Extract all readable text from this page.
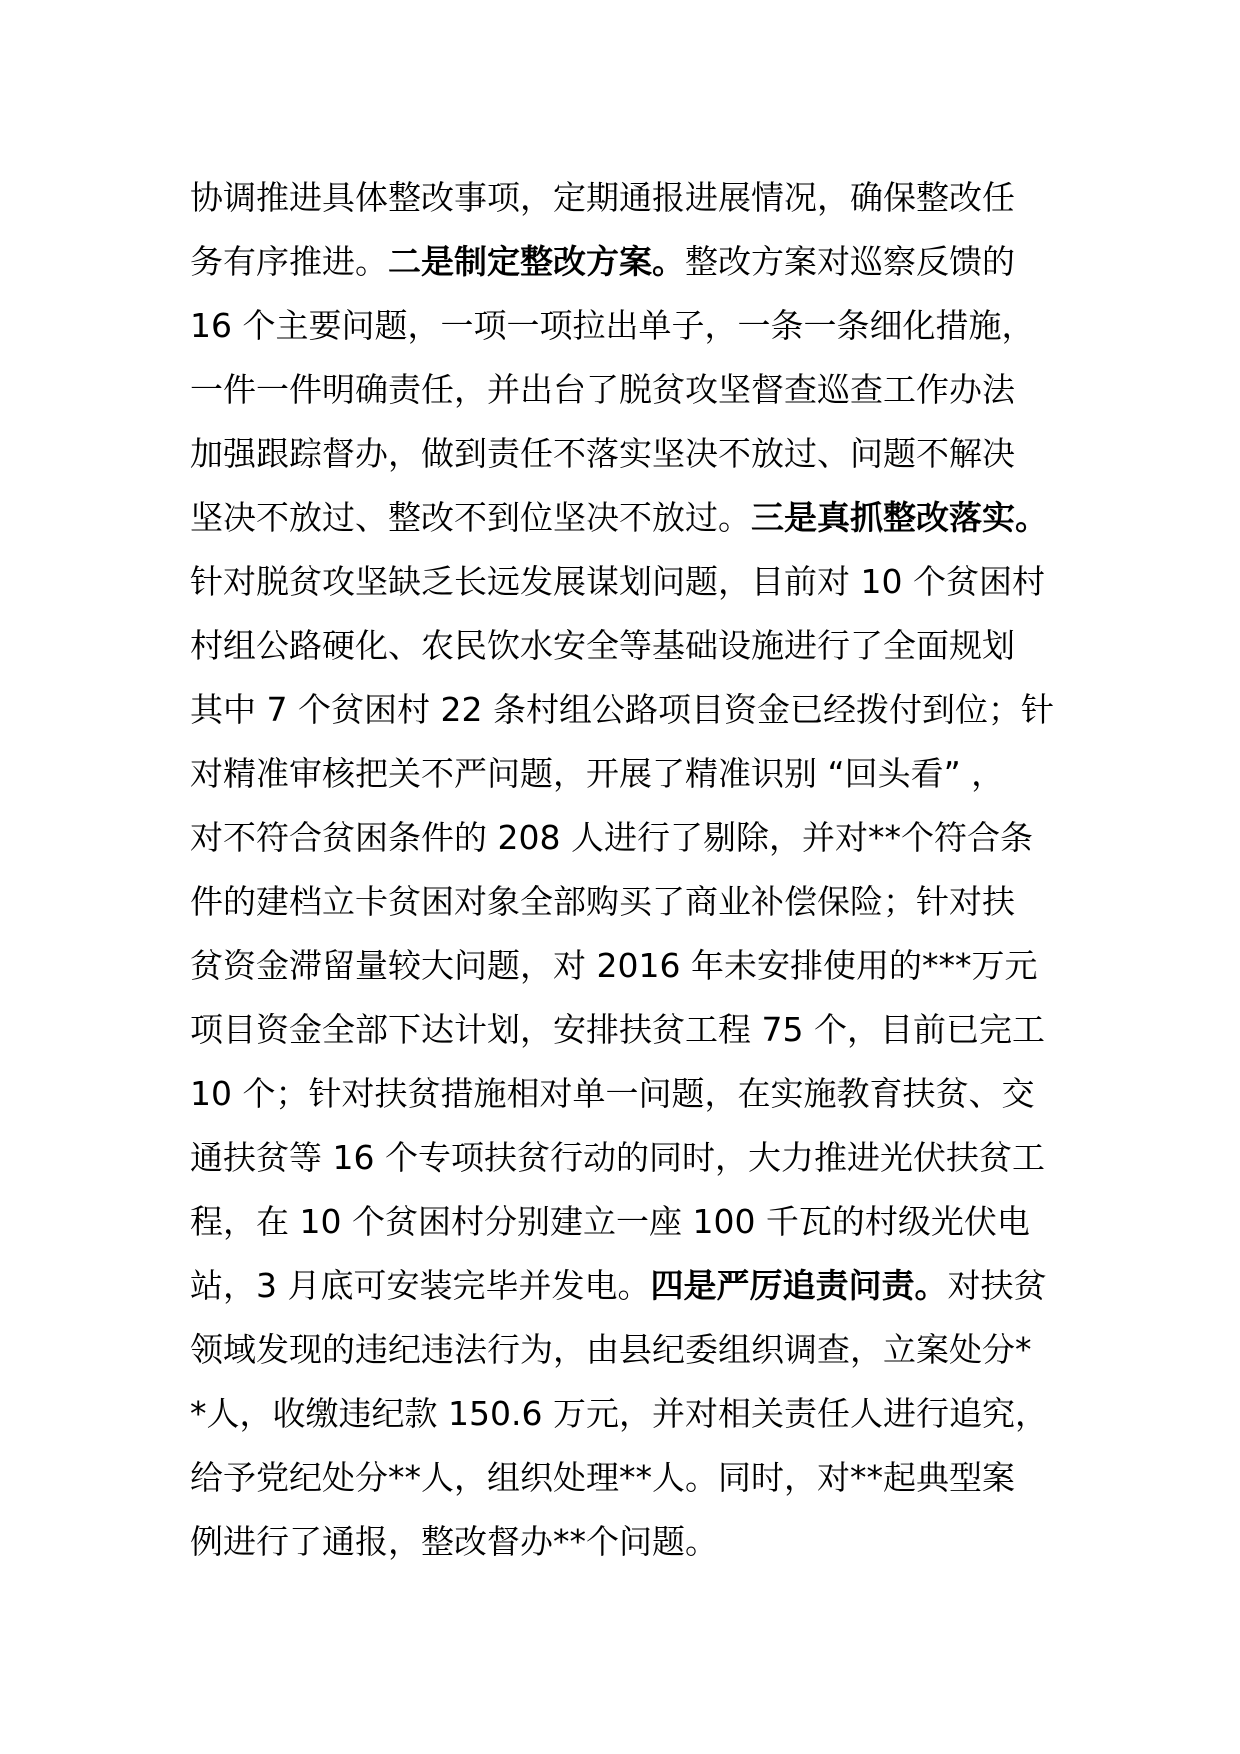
协调推进具体整改事项，定期通报进展情况，确保整改任
务有序推进。二是制定整改方案。整改方案对巡察反馈的
16 个主要问题，一项一项拉出单子，一条一条细化措施，
一件一件明确责任，并出台了脱贫攻坚督查巡查工作办法
加强跟踪督办，做到责任不落实坚决不放过、问题不解决
坚决不放过、整改不到位坚决不放过。三是真抓整改落实。
针对脱贫攻坚缺乏长远发展谋划问题，目前对 10 个贫困村
村组公路硬化、农民饮水安全等基础设施进行了全面规划
其中 7 个贫困村 22 条村组公路项目资金已经拨付到位；针
对精准审核把关不严问题，开展了精准识别 “回头看” ，
对不符合贫困条件的 208 人进行了剔除，并对**个符合条
件的建档立卡贫困对象全部购买了商业补偿保险；针对扶
贫资金滞留量较大问题，对 2016 年未安排使用的***万元
项目资金全部下达计划，安排扶贫工程 75 个，目前已完工
10 个；针对扶贫措施相对单一问题，在实施教育扶贫、交
通扶贫等 16 个专项扶贫行动的同时，大力推进光伏扶贫工
程，在 10 个贫困村分别建立一座 100 千瓦的村级光伏电
站，3 月底可安装完毕并发电。四是严厉追责问责。对扶贫
领域发现的违纪违法行为，由县纪委组织调查，立案处分*
*人，收缴违纪款 150.6 万元，并对相关责任人进行追究，
给予党纪处分**人，组织处理**人。同时，对**起典型案
例进行了通报，整改督办**个问题。
